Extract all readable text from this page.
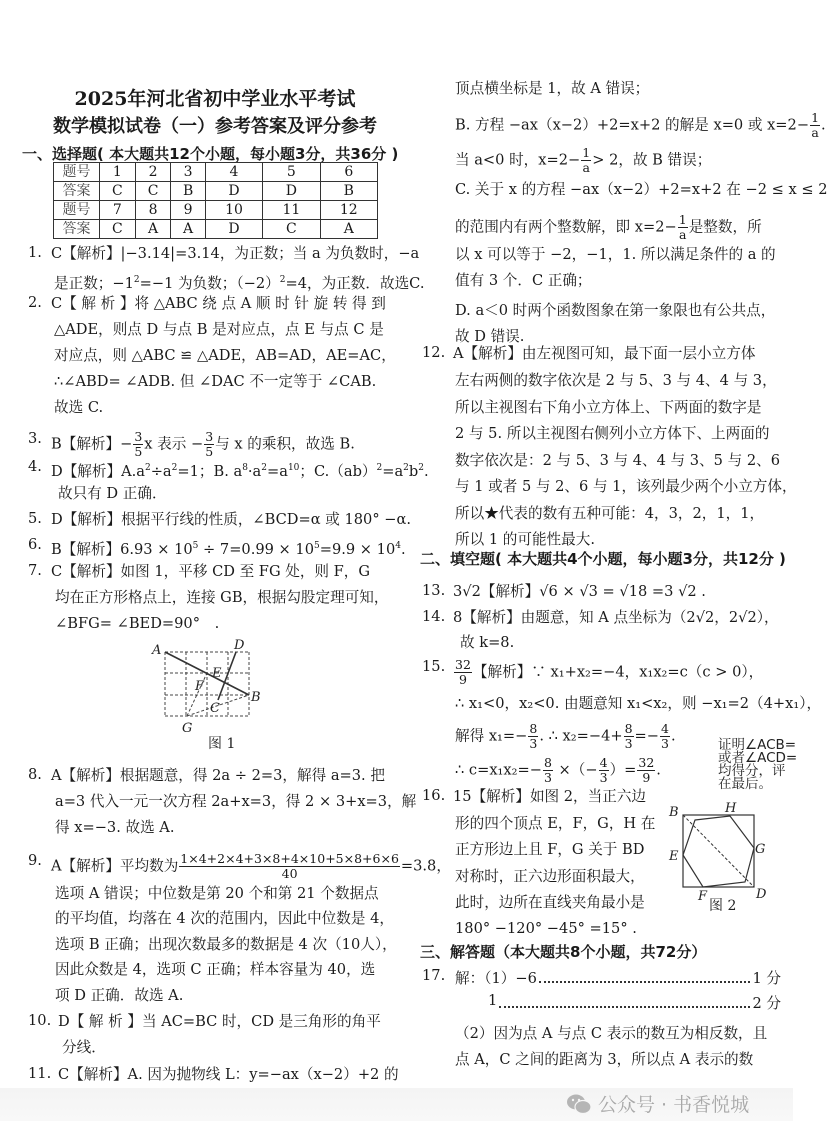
2025年河北省初中学业水平考试
数学模拟试卷（一）参考答案及评分参考
一、选择题( 本大题共12个小题，每小题3分，共36分 )
题号	1	2	3	4	5	6
答案	C	C	B	D	D	B
题号	7	8	9	10	11	12
答案	C	A	A	D	C	A
1. C【解析】|−3.14|=3.14，为正数；当 a 为负数时，−a
是正数；$-1^2=-1$ 为负数；$(-2)^2=4$，为正数．故选C.
2. C【 解 析 】将 △ABC 绕 点 A 顺 时 针 旋 转 得 到
△ADE，则点 D 与点 B 是对应点，点 E 与点 C 是
对应点，则 △ABC ≌ △ADE，AB=AD，AE=AC，
∴∠ABD= ∠ADB. 但 ∠DAC 不一定等于 ∠CAB.
故选 C.
3. B【解析】− $\frac{3}{5}$ x 表示 − $\frac{3}{5}$ 与 x 的乘积，故选 B.
4. D【解析】$A.a^2\div a^2=1$；B. $a^8\cdot a^2=a^{10}$；$C.(ab)^2=a^2b^2$.
故只有 D 正确．
5. D【解析】根据平行线的性质，∠BCD=α 或 180° −α.
6. B【解析】$6.93 \times 10^5 \div 7=0.99 \times 10^5=9.9 \times 10^4$.
7. C【解析】如图 1，平移 CD 至 FG 处，则 F，G
均在正方形格点上，连接 GB，根据勾股定理可知，
∠BFG= ∠BED=90°　.
8. A【解析】根据题意，得 2a ÷ 2=3，解得 a=3. 把
a=3 代入一元一次方程 2a+x=3，得 2 × 3+x=3，解
得 x=−3. 故选 A.
9. A【解析】平均数为 $\frac{1\times 4+2\times 4+3\times 8+4\times 10+5\times 8+6\times 6}{40} =3.8$，
选项 A 错误；中位数是第 20 个和第 21 个数据点
的平均值，均落在 4 次的范围内，因此中位数是 4，
选项 B 正确；出现次数最多的数据是 4 次（10人），
因此众数是 4，选项 C 正确；样本容量为 40，选
项 D 正确．故选 A.
10. D【 解 析 】当 AC=BC 时，CD 是三角形的角平
分线．
11. C【解析】A. 因为抛物线 L：y=−ax（x−2）+2 的
顶点横坐标是 1，故 A 错误；
B. 方程 −ax（x−2）+2=x+2 的解是 x=0 或 $x=2- \frac{1}{a}$ .
当 a<0 时，$x=2- \frac{1}{a} > 2$，故 B 错误；
C. 关于 x 的方程 −ax（x−2）+2=x+2 在 −2 ≤ x ≤ 2
的范围内有两个整数解，即 $x=2- \frac{1}{a}$ 是整数，所
以 x 可以等于 −2，−1，1. 所以满足条件的 a 的
值有 3 个．C 正确；
D. a＜0 时两个函数图象在第一象限也有公共点，
故 D 错误.
12. A【解析】由左视图可知，最下面一层小立方体
左右两侧的数字依次是 2 与 5、3 与 4、4 与 3，
所以主视图右下角小立方体上、下两面的数字是
2 与 5. 所以主视图右侧列小立方体下、上两面的
数字依次是：2 与 5、3 与 4、4 与 3、5 与 2、6
与 1 或者 5 与 2、6 与 1，该列最少两个小立方体，
所以★代表的数有五种可能：4，3，2，1，1，
所以 1 的可能性最大.
13. 3√2【解析】√6 × √3 = √18 =3 √2 .
14. 8【解析】由题意，知 A 点坐标为（2√2，2√2），
故 k=8.
15. $\frac{32}{9}$ 【解析】∵ x₁+x₂=−4，x₁x₂=c（c > 0），
∴ x₁<0，x₂<0. 由题意知 x₁<x₂，则 −x₁=2（4+x₁），
解得 $x_1=- \frac{8}{3}$ . ∴ $x_2=-4+ \frac{8}{3} =- \frac{4}{3}$ .
∴ $c=x_1x_2=- \frac{8}{3}$ ×（− $\frac{4}{3}$ ）= $\frac{32}{9}$ .
16. 15【解析】如图 2，当正六边
形的四个顶点 E，F，G，H 在
正方形边上且 F，G 关于 BD
对称时，正六边形面积最大，
此时，边所在直线夹角最小是
180° −120° −45° =15° .
（2）因为点 A 与点 C 表示的数互为相反数，且
点 A，C 之间的距离为 3，所以点 A 表示的数
17.
二、填空题( 本大题共4个小题，每小题3分，共12分 )
三、解答题（本大题共8个小题，共72分）
解：（1）−6	1 分
1	2 分
A	D
E
F
B
C
G
图 1
B	H
G
E
F	D
图 2
证明∠ACB=
或者∠ACD=
均得分，评
在最后。
公众号 · 书香悦城
